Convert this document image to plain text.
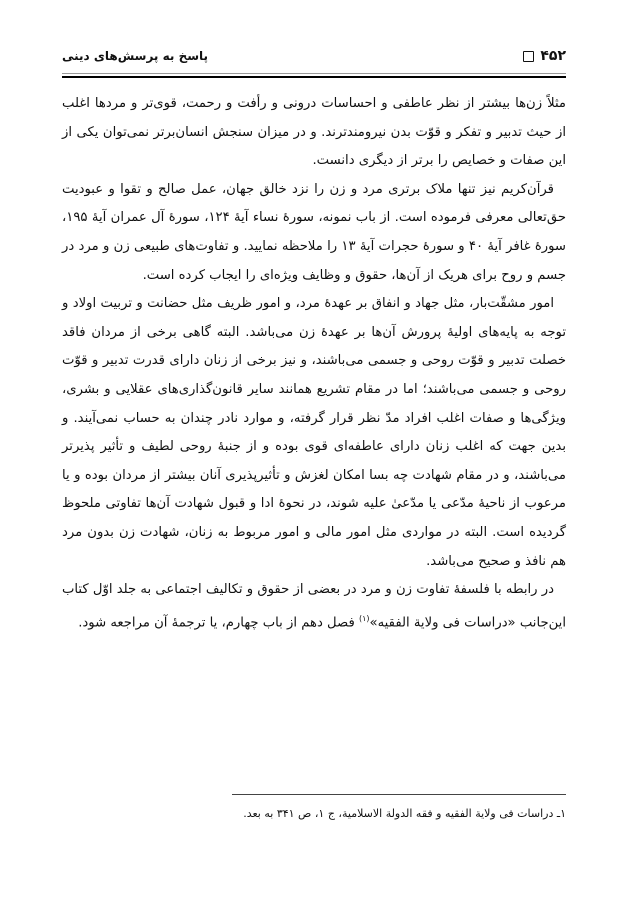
۴۵۲
پاسخ به پرسش‌های دینی

مثلاً زن‌ها بیشتر از نظر عاطفی و احساسات درونی و رأفت و رحمت، قوی‌تر و مردها اغلب از حیث تدبیر و تفکر و قوّت بدن نیرومندترند. و در میزان سنجش انسان‌برتر نمی‌توان یکی از این صفات و خصایص را برتر از دیگری دانست.

قرآن‌کریم نیز تنها ملاک برتری مرد و زن را نزد خالق جهان، عمل صالح و تقوا و عبودیت حق‌تعالی معرفی فرموده است. از باب نمونه، سورهٔ نساء آیهٔ ۱۲۴، سورهٔ آل عمران آیهٔ ۱۹۵، سورهٔ غافر آیهٔ ۴۰ و سورهٔ حجرات آیهٔ ۱۳ را ملاحظه نمایید. و تفاوت‌های طبیعی زن و مرد در جسم و روح برای هریک از آن‌ها، حقوق و وظایف ویژه‌ای را ایجاب کرده است.

امور مشقّت‌بار، مثل جهاد و انفاق بر عهدهٔ مرد، و امور ظریف مثل حضانت و تربیت اولاد و توجه به پایه‌های اولیهٔ پرورش آن‌ها بر عهدهٔ زن می‌باشد. البته گاهی برخی از مردان فاقد خصلت تدبیر و قوّت روحی و جسمی می‌باشند، و نیز برخی از زنان دارای قدرت تدبیر و قوّت روحی و جسمی می‌باشند؛ اما در مقام تشریع همانند سایر قانون‌گذاری‌های عقلایی و بشری، ویژگی‌ها و صفات اغلب افراد مدّ نظر قرار گرفته، و موارد نادر چندان به حساب نمی‌آیند. و بدین جهت که اغلب زنان دارای عاطفه‌ای قوی بوده و از جنبهٔ روحی لطیف و تأثیر پذیرتر می‌باشند، و در مقام شهادت چه بسا امکان لغزش و تأثیرپذیری آنان بیشتر از مردان بوده و یا مرعوب از ناحیهٔ مدّعی یا مدّعیٰ علیه شوند، در نحوهٔ ادا و قبول شهادت آن‌ها تفاوتی ملحوظ گردیده است. البته در مواردی مثل امور مالی و امور مربوط به زنان، شهادت زن بدون مرد هم نافذ و صحیح می‌باشد.

در رابطه با فلسفهٔ تفاوت زن و مرد در بعضی از حقوق و تکالیف اجتماعی به جلد اوّل کتاب این‌جانب «دراسات فی ولایة الفقیه»$^{(۱)}$ فصل دهم از باب چهارم، یا ترجمهٔ آن مراجعه شود.

۱ـ دراسات فی ولایة الفقیه و فقه الدولة الاسلامیة، ج ۱، ص ۳۴۱ به بعد.
